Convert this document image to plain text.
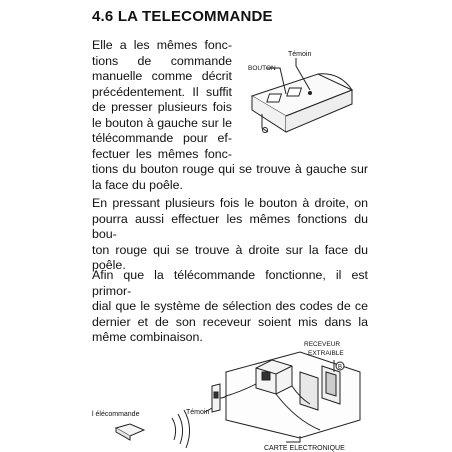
4.6 LA TELECOMMANDE
Elle a les mêmes fonc-
tions de commande
manuelle comme décrit
précédentement. Il suffit
de presser plusieurs fois
le bouton à gauche sur le
télécommande pour ef-
fectuer les mêmes fonc-
tions du bouton rouge qui se trouve à gauche sur
la face du poêle.
En pressant plusieurs fois le bouton à droite, on
pourra aussi effectuer les mêmes fonctions du bou-
ton rouge qui se trouve à droite sur la face du
poêle.
Afin que la télécommande fonctionne, il est primor-
dial que le système de sélection des codes de ce
dernier et de son receveur soient mis dans la
même combinaison.
Témoin
BOUTON
RECEVEUR
EXTRAIBLE
B
l élécommande	Témoin
CARTE ELECTRONIQUE
